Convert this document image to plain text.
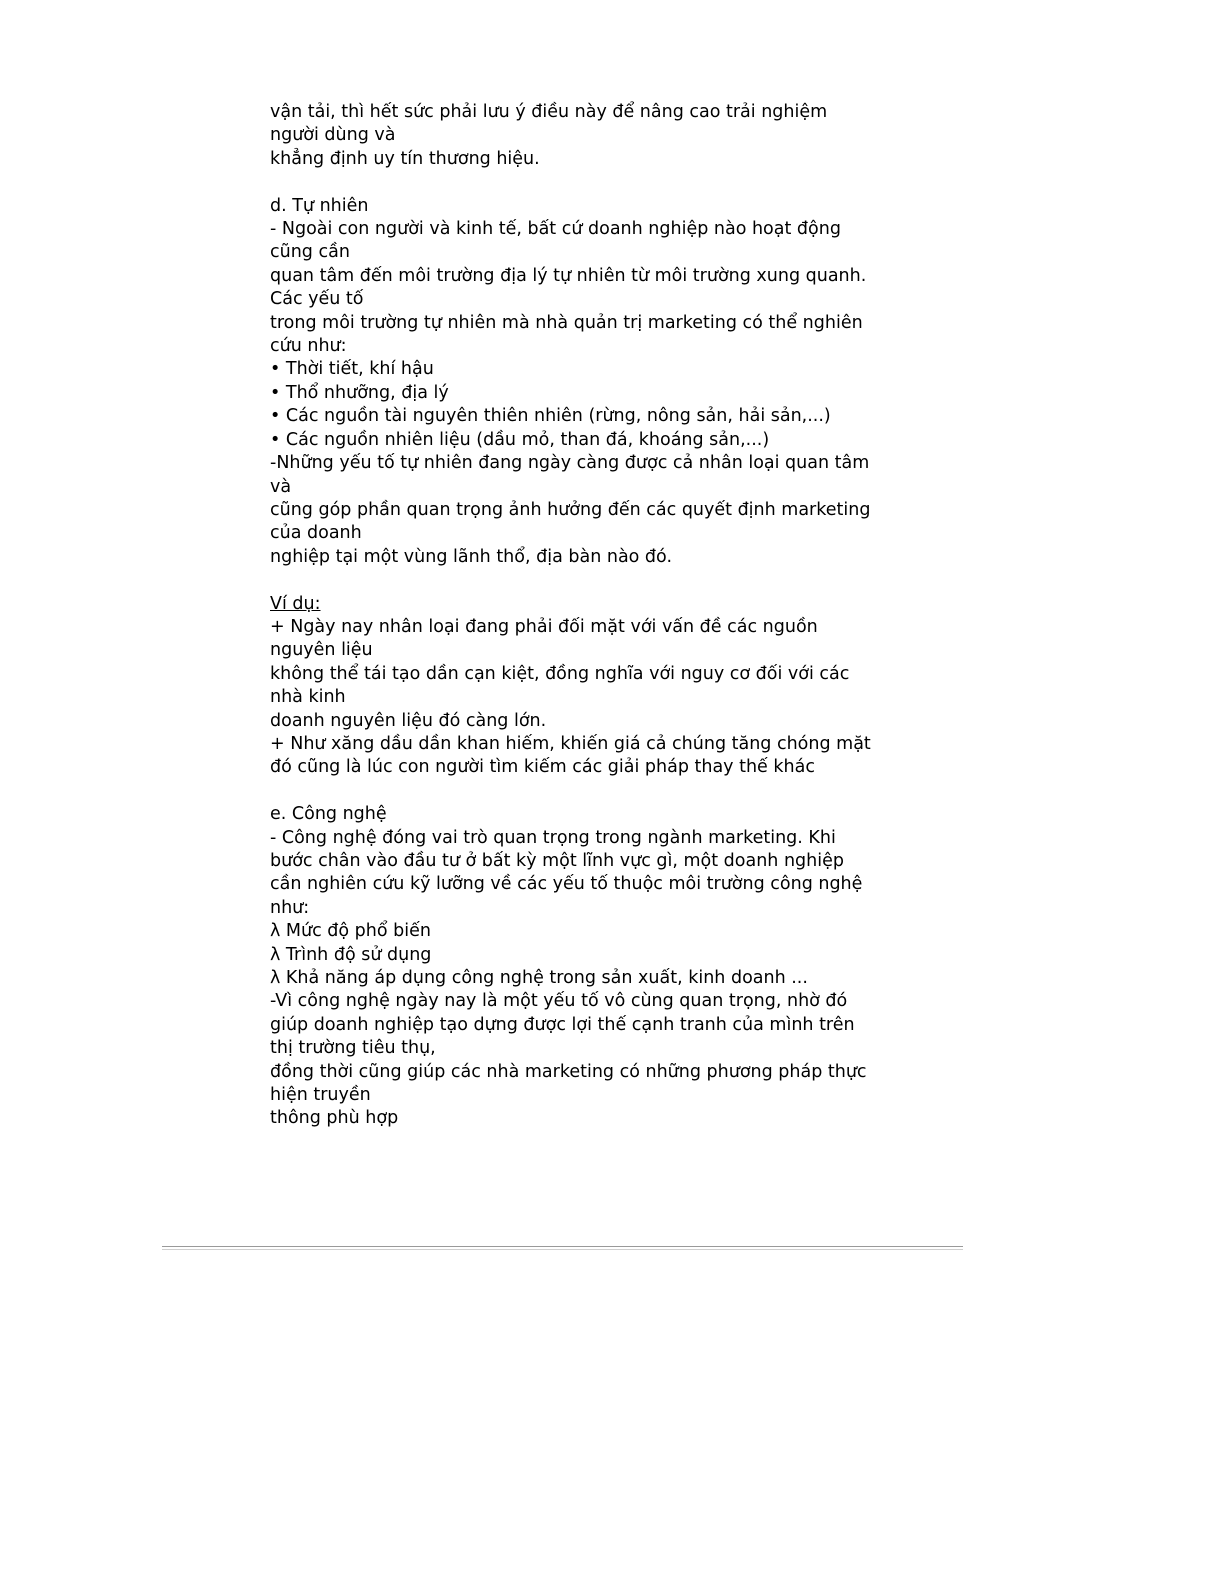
vận tải, thì hết sức phải lưu ý điều này để nâng cao trải nghiệm
người dùng và
khẳng định uy tín thương hiệu.

d. Tự nhiên
- Ngoài con người và kinh tế, bất cứ doanh nghiệp nào hoạt động
cũng cần
quan tâm đến môi trường địa lý tự nhiên từ môi trường xung quanh.
Các yếu tố
trong môi trường tự nhiên mà nhà quản trị marketing có thể nghiên
cứu như:
• Thời tiết, khí hậu
• Thổ nhưỡng, địa lý
• Các nguồn tài nguyên thiên nhiên (rừng, nông sản, hải sản,...)
• Các nguồn nhiên liệu (dầu mỏ, than đá, khoáng sản,...)
-Những yếu tố tự nhiên đang ngày càng được cả nhân loại quan tâm
và
cũng góp phần quan trọng ảnh hưởng đến các quyết định marketing
của doanh
nghiệp tại một vùng lãnh thổ, địa bàn nào đó.

Ví dụ:
+ Ngày nay nhân loại đang phải đối mặt với vấn đề các nguồn
nguyên liệu
không thể tái tạo dần cạn kiệt, đồng nghĩa với nguy cơ đối với các
nhà kinh
doanh nguyên liệu đó càng lớn.
+ Như xăng dầu dần khan hiếm, khiến giá cả chúng tăng chóng mặt
đó cũng là lúc con người tìm kiếm các giải pháp thay thế khác

e. Công nghệ
- Công nghệ đóng vai trò quan trọng trong ngành marketing. Khi
bước chân vào đầu tư ở bất kỳ một lĩnh vực gì, một doanh nghiệp
cần nghiên cứu kỹ lưỡng về các yếu tố thuộc môi trường công nghệ
như:
λ Mức độ phổ biến
λ Trình độ sử dụng
λ Khả năng áp dụng công nghệ trong sản xuất, kinh doanh ...
-Vì công nghệ ngày nay là một yếu tố vô cùng quan trọng, nhờ đó
giúp doanh nghiệp tạo dựng được lợi thế cạnh tranh của mình trên
thị trường tiêu thụ,
đồng thời cũng giúp các nhà marketing có những phương pháp thực
hiện truyền
thông phù hợp
